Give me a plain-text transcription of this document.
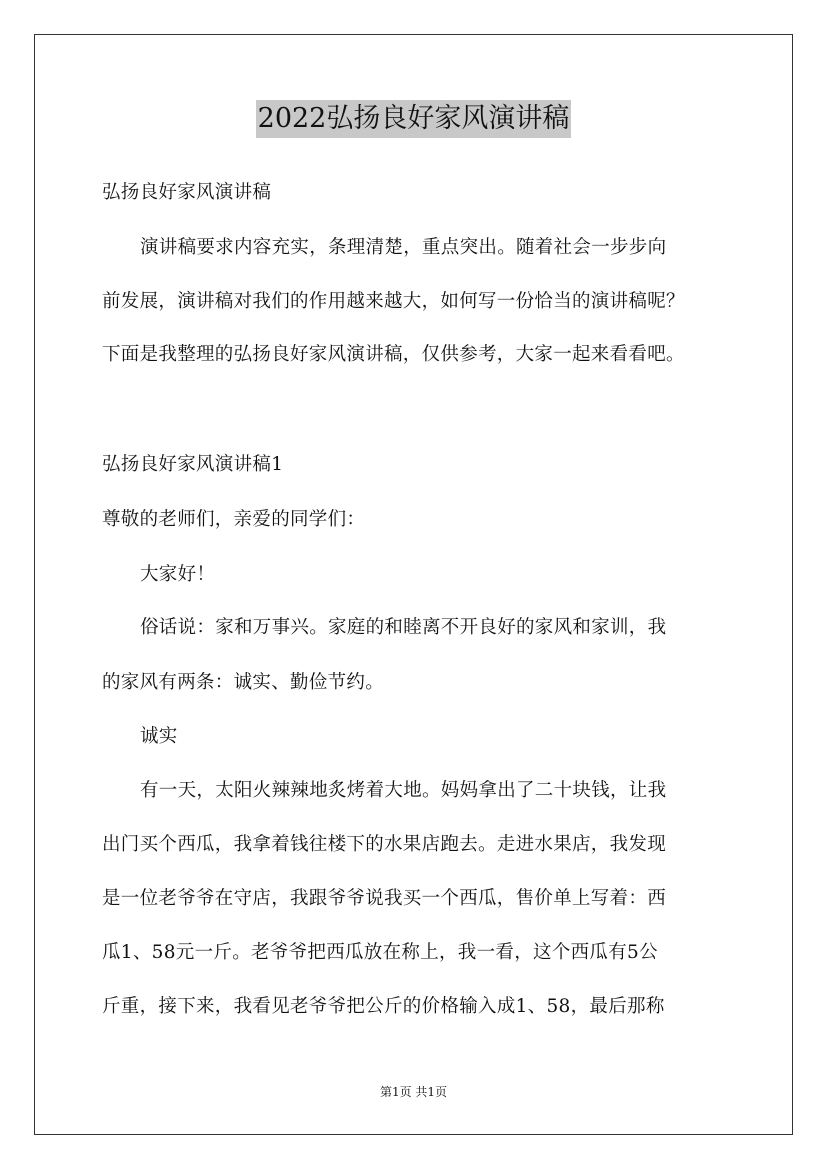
2022弘扬良好家风演讲稿
弘扬良好家风演讲稿
演讲稿要求内容充实，条理清楚，重点突出。随着社会一步步向
前发展，演讲稿对我们的作用越来越大，如何写一份恰当的演讲稿呢？
下面是我整理的弘扬良好家风演讲稿，仅供参考，大家一起来看看吧。
弘扬良好家风演讲稿1
尊敬的老师们，亲爱的同学们：
大家好！
俗话说：家和万事兴。家庭的和睦离不开良好的家风和家训，我
的家风有两条：诚实、勤俭节约。
诚实
有一天，太阳火辣辣地炙烤着大地。妈妈拿出了二十块钱，让我
出门买个西瓜，我拿着钱往楼下的水果店跑去。走进水果店，我发现
是一位老爷爷在守店，我跟爷爷说我买一个西瓜，售价单上写着：西
瓜1、58元一斤。老爷爷把西瓜放在称上，我一看，这个西瓜有5公
斤重，接下来，我看见老爷爷把公斤的价格输入成1、58，最后那称
第1页 共1页
